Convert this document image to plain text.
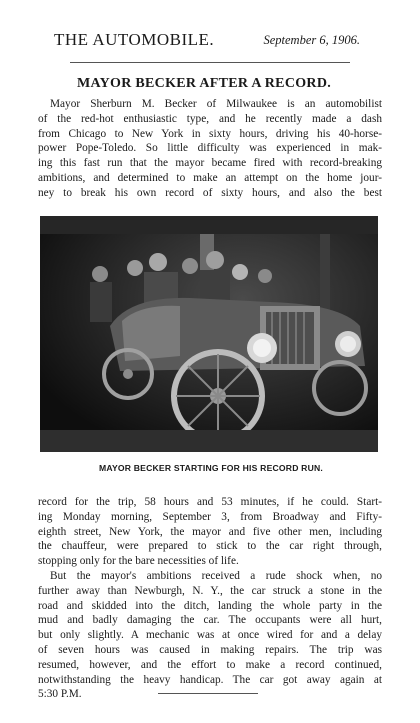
THE AUTOMOBILE.	September 6, 1906.
MAYOR BECKER AFTER A RECORD.
Mayor Sherburn M. Becker of Milwaukee is an automobilist
of the red-hot enthusiastic type, and he recently made a dash
from Chicago to New York in sixty hours, driving his 40-horse-
power Pope-Toledo. So little difficulty was experienced in mak-
ing this fast run that the mayor became fired with record-breaking
ambitions, and determined to make an attempt on the home jour-
ney to break his own record of sixty hours, and also the best
MAYOR BECKER STARTING FOR HIS RECORD RUN.
record for the trip, 58 hours and 53 minutes, if he could. Start-
ing Monday morning, September 3, from Broadway and Fifty-
eighth street, New York, the mayor and five other men, including
the chauffeur, were prepared to stick to the car right through,
stopping only for the bare necessities of life.
But the mayor's ambitions received a rude shock when, no
further away than Newburgh, N. Y., the car struck a stone in the
road and skidded into the ditch, landing the whole party in the
mud and badly damaging the car. The occupants were all hurt,
but only slightly. A mechanic was at once wired for and a delay
of seven hours was caused in making repairs. The trip was
resumed, however, and the effort to make a record continued,
notwithstanding the heavy handicap. The car got away again at
5:30 P.M.
